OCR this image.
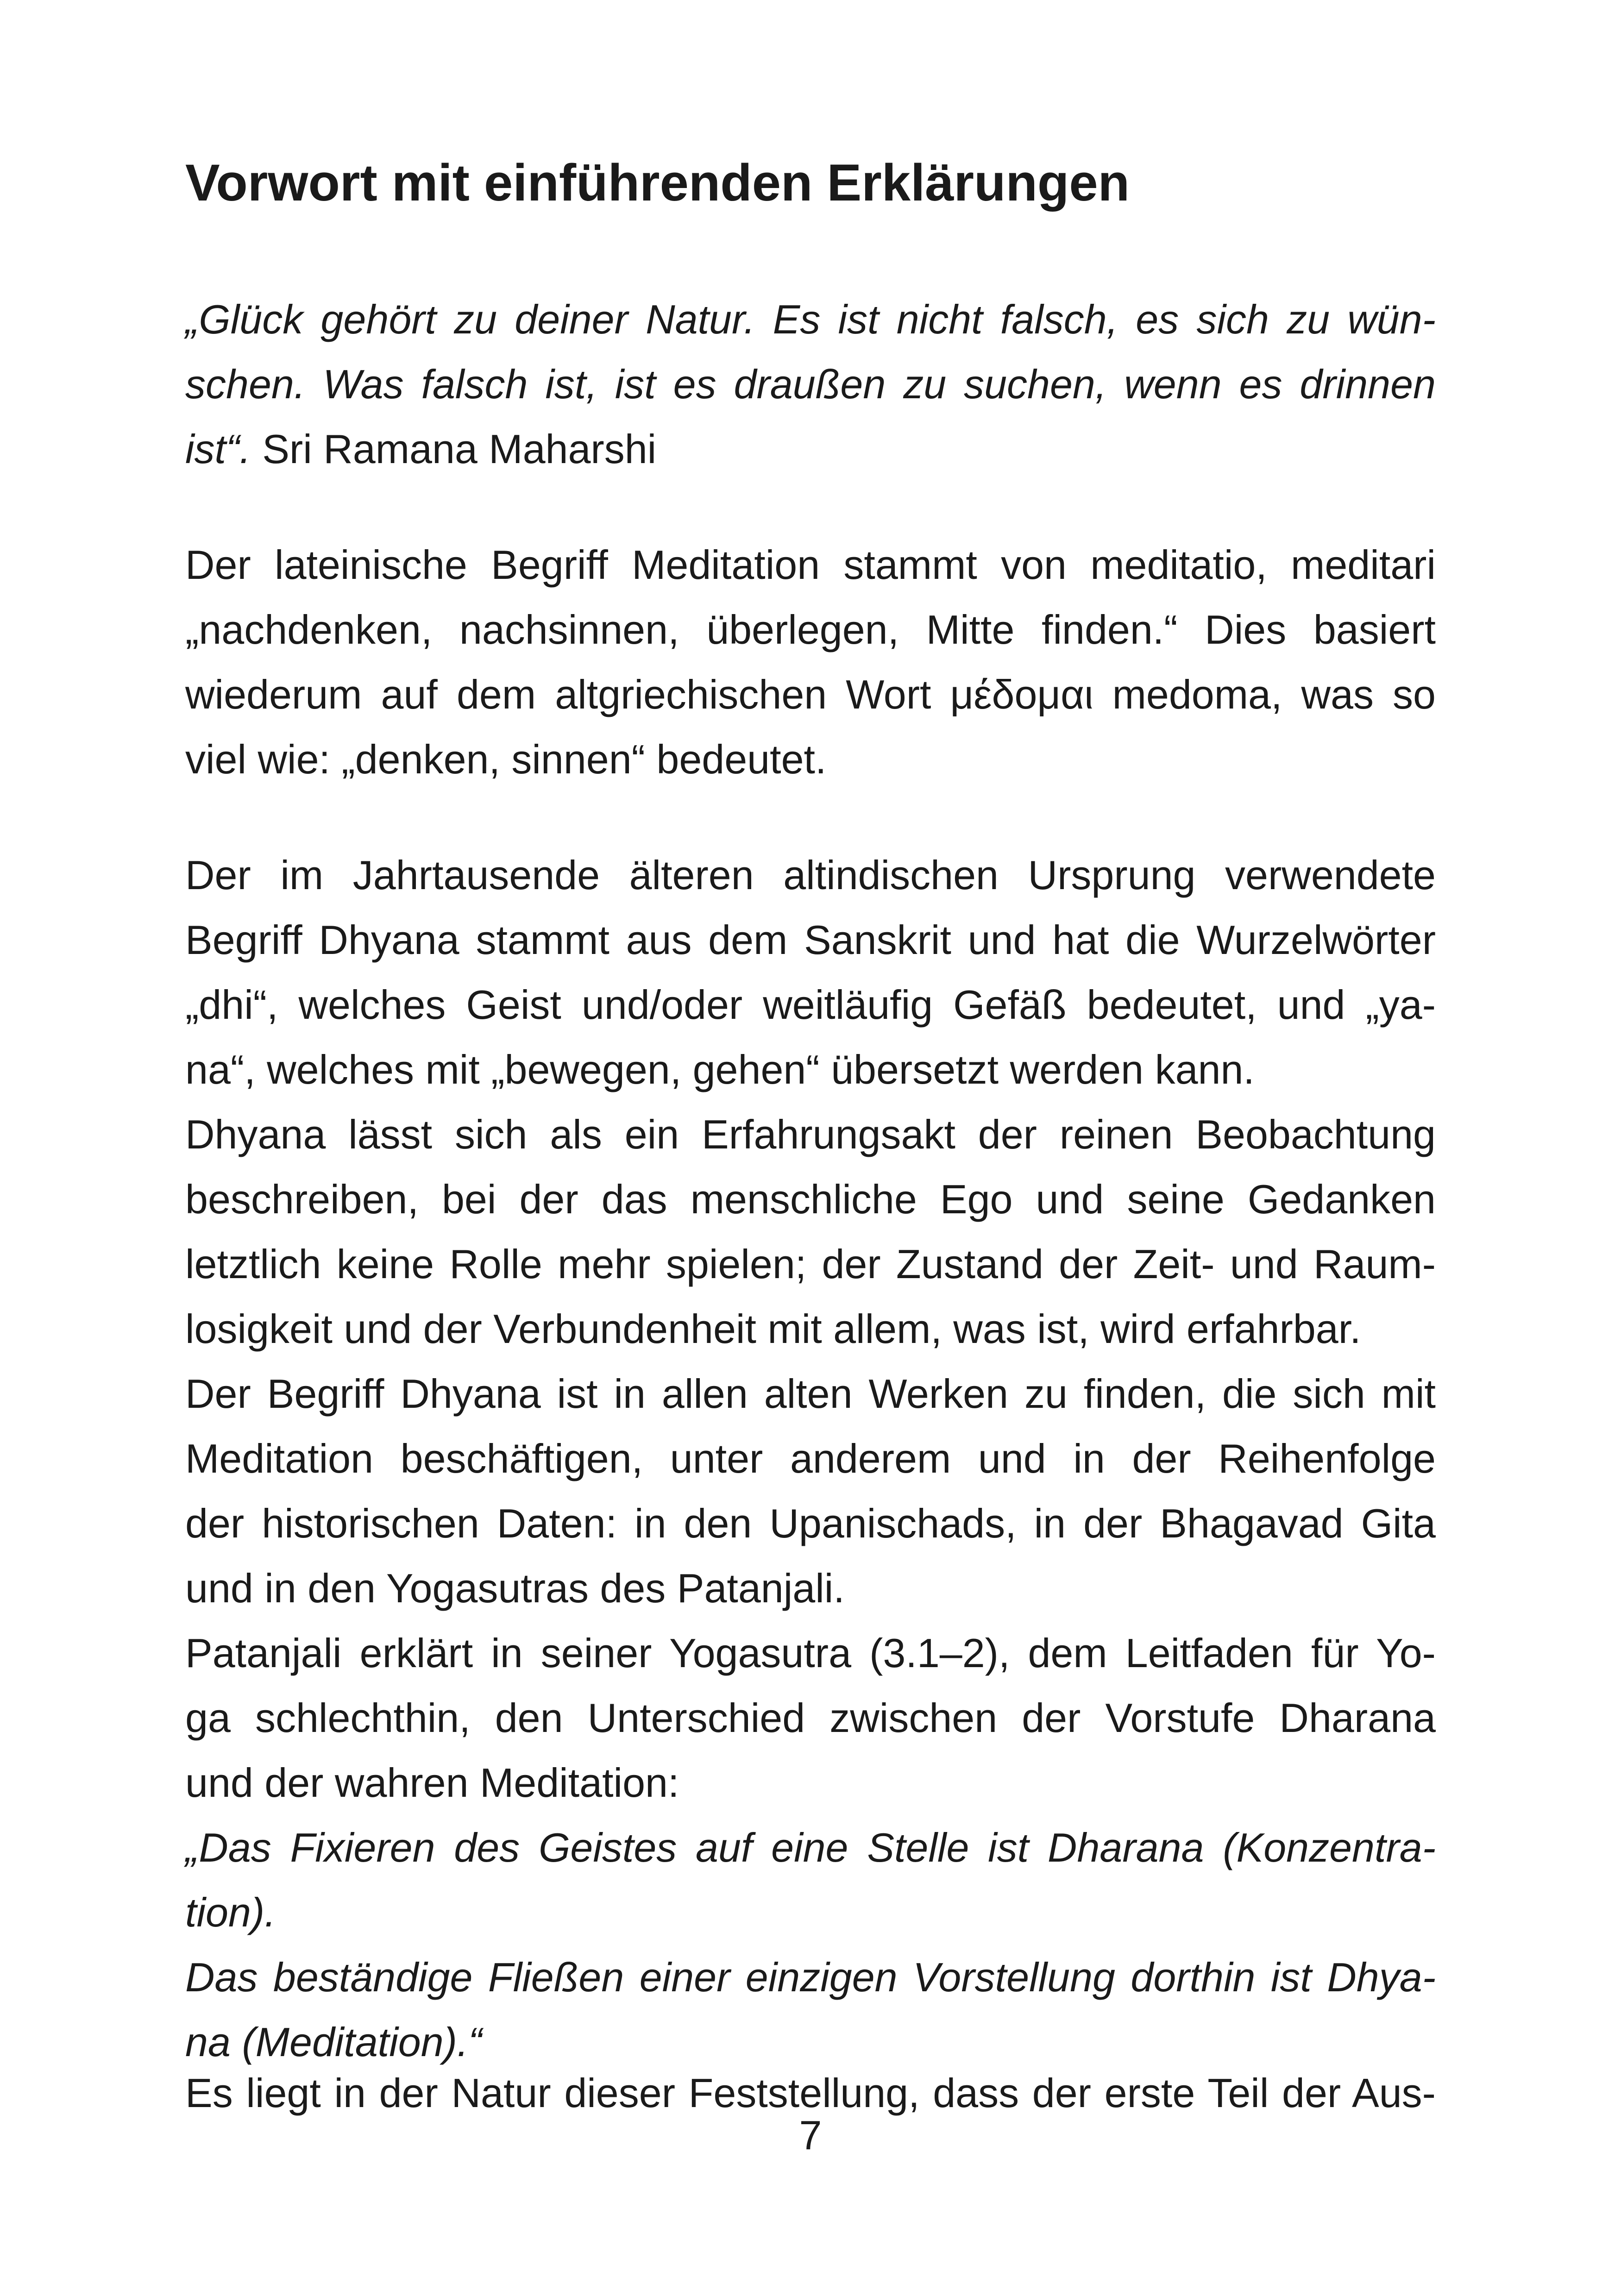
Vorwort mit einführenden Erklärungen
„Glück gehört zu deiner Natur. Es ist nicht falsch, es sich zu wün-
schen. Was falsch ist, ist es draußen zu suchen, wenn es drinnen
ist“. Sri Ramana Maharshi
Der lateinische Begriff Meditation stammt von meditatio, meditari
„nachdenken, nachsinnen, überlegen, Mitte finden.“ Dies basiert
wiederum auf dem altgriechischen Wort μέδομαι medoma, was so
viel wie: „denken, sinnen“ bedeutet.
Der im Jahrtausende älteren altindischen Ursprung verwendete
Begriff Dhyana stammt aus dem Sanskrit und hat die Wurzelwörter
„dhi“, welches Geist und/oder weitläufig Gefäß bedeutet, und „ya-
na“, welches mit „bewegen, gehen“ übersetzt werden kann.
Dhyana lässt sich als ein Erfahrungsakt der reinen Beobachtung
beschreiben, bei der das menschliche Ego und seine Gedanken
letztlich keine Rolle mehr spielen; der Zustand der Zeit- und Raum-
losigkeit und der Verbundenheit mit allem, was ist, wird erfahrbar.
Der Begriff Dhyana ist in allen alten Werken zu finden, die sich mit
Meditation beschäftigen, unter anderem und in der Reihenfolge
der historischen Daten: in den Upanischads, in der Bhagavad Gita
und in den Yogasutras des Patanjali.
Patanjali erklärt in seiner Yogasutra (3.1–2), dem Leitfaden für Yo-
ga schlechthin, den Unterschied zwischen der Vorstufe Dharana
und der wahren Meditation:
„Das Fixieren des Geistes auf eine Stelle ist Dharana (Konzentra-
tion).
Das beständige Fließen einer einzigen Vorstellung dorthin ist Dhya-
na (Meditation).“
Es liegt in der Natur dieser Feststellung, dass der erste Teil der Aus-
7
